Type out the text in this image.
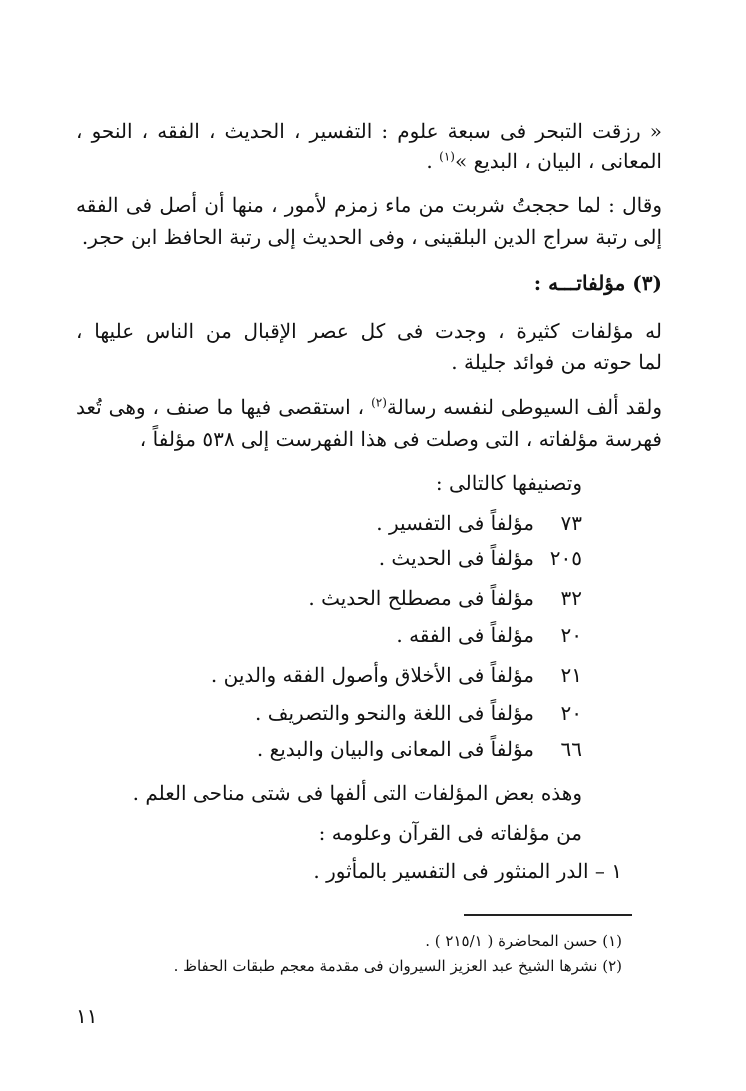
« رزقت التبحر فى سبعة علوم : التفسير ، الحديث ، الفقه ، النحو ،
المعانى ، البيان ، البديع »$^{(١)}$ .
وقال : لما حججتُ شربت من ماء زمزم لأمور ، منها أن أصل فى الفقه
إلى رتبة سراج الدين البلقينى ، وفى الحديث إلى رتبة الحافظ ابن حجر.
(٣) مؤلفاتـــه :
له مؤلفات كثيرة ، وجدت فى كل عصر الإقبال من الناس عليها ،
لما حوته من فوائد جليلة .
ولقد ألف السيوطى لنفسه رسالة$^{(٢)}$ ، استقصى فيها ما صنف ، وهى تُعد
فهرسة مؤلفاته ، التى وصلت فى هذا الفهرست إلى ٥٣٨ مؤلفاً ،
وتصنيفها كالتالى :
٧٣مؤلفاً فى التفسير .
٢٠٥مؤلفاً فى الحديث .
٣٢مؤلفاً فى مصطلح الحديث .
٢٠مؤلفاً فى الفقه .
٢١مؤلفاً فى الأخلاق وأصول الفقه والدين .
٢٠مؤلفاً فى اللغة والنحو والتصريف .
٦٦مؤلفاً فى المعانى والبيان والبديع .
وهذه بعض المؤلفات التى ألفها فى شتى مناحى العلم .
من مؤلفاته فى القرآن وعلومه :
١ – الدر المنثور فى التفسير بالمأثور .
(١) حسن المحاضرة ( ٢١٥/١ ) .
(٢) نشرها الشيخ عبد العزيز السيروان فى مقدمة معجم طبقات الحفاظ .
١١
